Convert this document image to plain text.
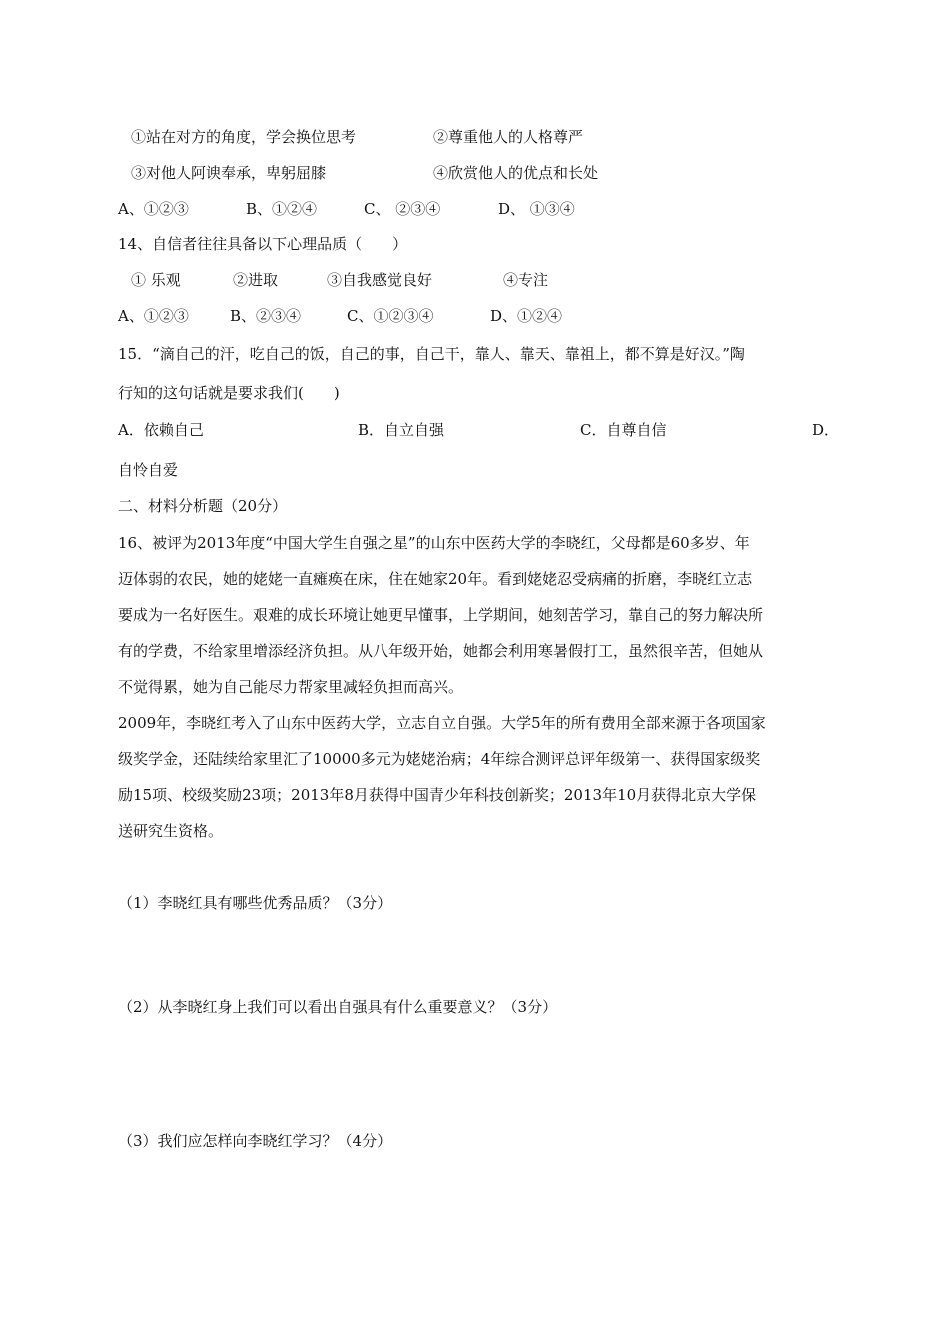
①站在对方的角度，学会换位思考	②尊重他人的人格尊严
③对他人阿谀奉承，卑躬屈膝	④欣赏他人的优点和长处
A、①②③	B、①②④	C、 ②③④	D、 ①③④
14、自信者往往具备以下心理品质（　　）
① 乐观	②进取	③自我感觉良好	④专注
A、①②③	B、②③④	C、①②③④	D、①②④
15．“滴自己的汗，吃自己的饭，自己的事，自己干，靠人、靠天、靠祖上，都不算是好汉。”陶
行知的这句话就是要求我们(　　)
A．依赖自己	B．自立自强	C．自尊自信	D．
自怜自爱
二、材料分析题（20分）
16、被评为2013年度“中国大学生自强之星”的山东中医药大学的李晓红，父母都是60多岁、年
迈体弱的农民，她的姥姥一直瘫痪在床，住在她家20年。看到姥姥忍受病痛的折磨，李晓红立志
要成为一名好医生。艰难的成长环境让她更早懂事，上学期间，她刻苦学习，靠自己的努力解决所
有的学费，不给家里增添经济负担。从八年级开始，她都会利用寒暑假打工，虽然很辛苦，但她从
不觉得累，她为自己能尽力帮家里减轻负担而高兴。
2009年，李晓红考入了山东中医药大学，立志自立自强。大学5年的所有费用全部来源于各项国家
级奖学金，还陆续给家里汇了10000多元为姥姥治病；4年综合测评总评年级第一、获得国家级奖
励15项、校级奖励23项；2013年8月获得中国青少年科技创新奖；2013年10月获得北京大学保
送研究生资格。
（1）李晓红具有哪些优秀品质？（3分）
（2）从李晓红身上我们可以看出自强具有什么重要意义？（3分）
（3）我们应怎样向李晓红学习？（4分）
